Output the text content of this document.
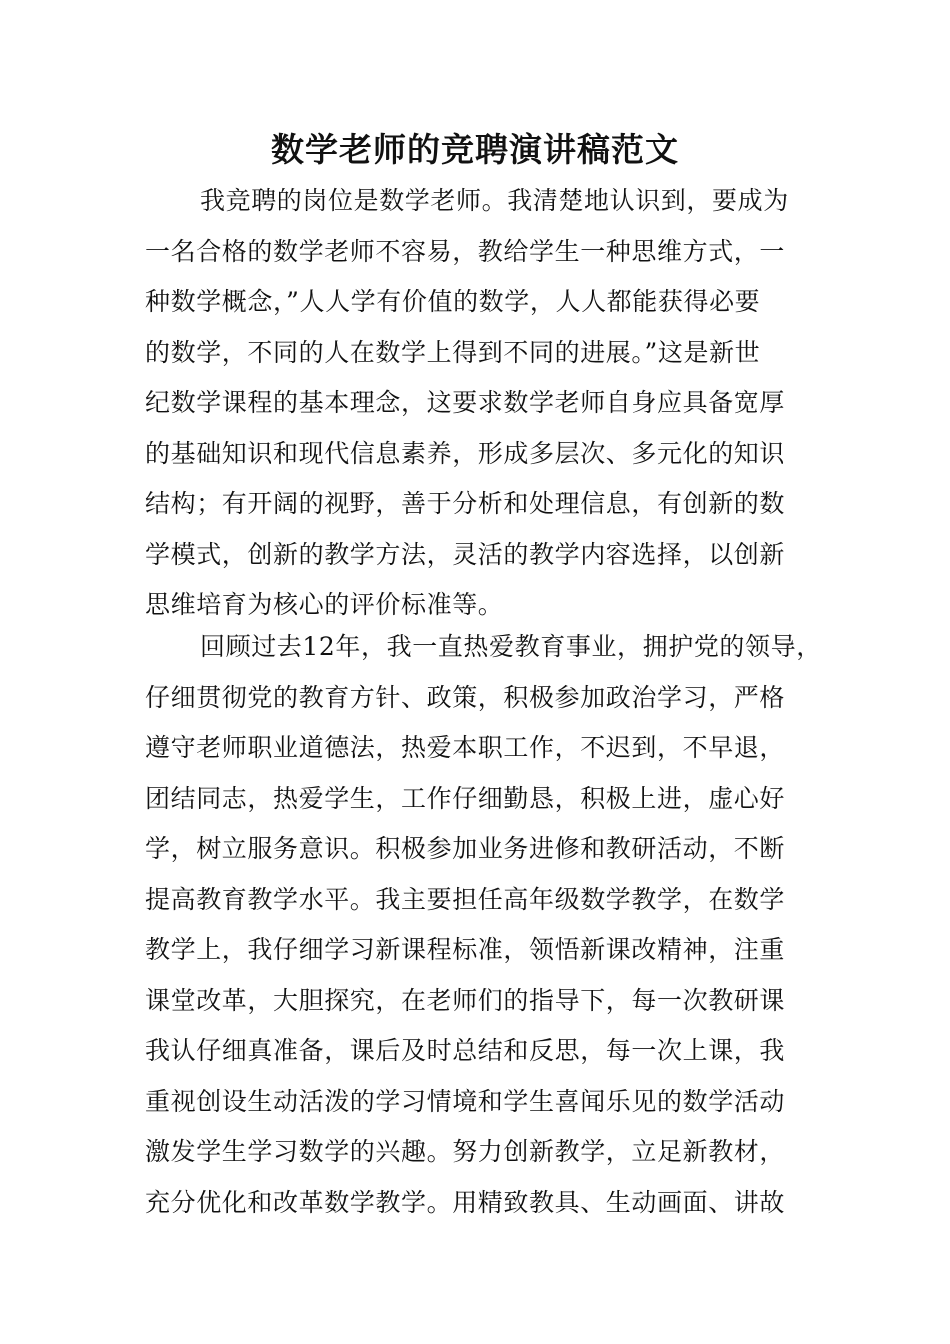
数学老师的竞聘演讲稿范文
我竞聘的岗位是数学老师。我清楚地认识到，要成为
一名合格的数学老师不容易，教给学生一种思维方式，一
种数学概念，”人人学有价值的数学，人人都能获得必要
的数学，不同的人在数学上得到不同的进展。”这是新世
纪数学课程的基本理念，这要求数学老师自身应具备宽厚
的基础知识和现代信息素养，形成多层次、多元化的知识
结构；有开阔的视野，善于分析和处理信息，有创新的数
学模式，创新的教学方法，灵活的教学内容选择，以创新
思维培育为核心的评价标准等。
回顾过去12年，我一直热爱教育事业，拥护党的领导，
仔细贯彻党的教育方针、政策，积极参加政治学习，严格
遵守老师职业道德法，热爱本职工作，不迟到，不早退，
团结同志，热爱学生，工作仔细勤恳，积极上进，虚心好
学，树立服务意识。积极参加业务进修和教研活动，不断
提高教育教学水平。我主要担任高年级数学教学，在数学
教学上，我仔细学习新课程标准，领悟新课改精神，注重
课堂改革，大胆探究，在老师们的指导下，每一次教研课
我认仔细真准备，课后及时总结和反思，每一次上课，我
重视创设生动活泼的学习情境和学生喜闻乐见的数学活动
激发学生学习数学的兴趣。努力创新教学，立足新教材，
充分优化和改革数学教学。用精致教具、生动画面、讲故
